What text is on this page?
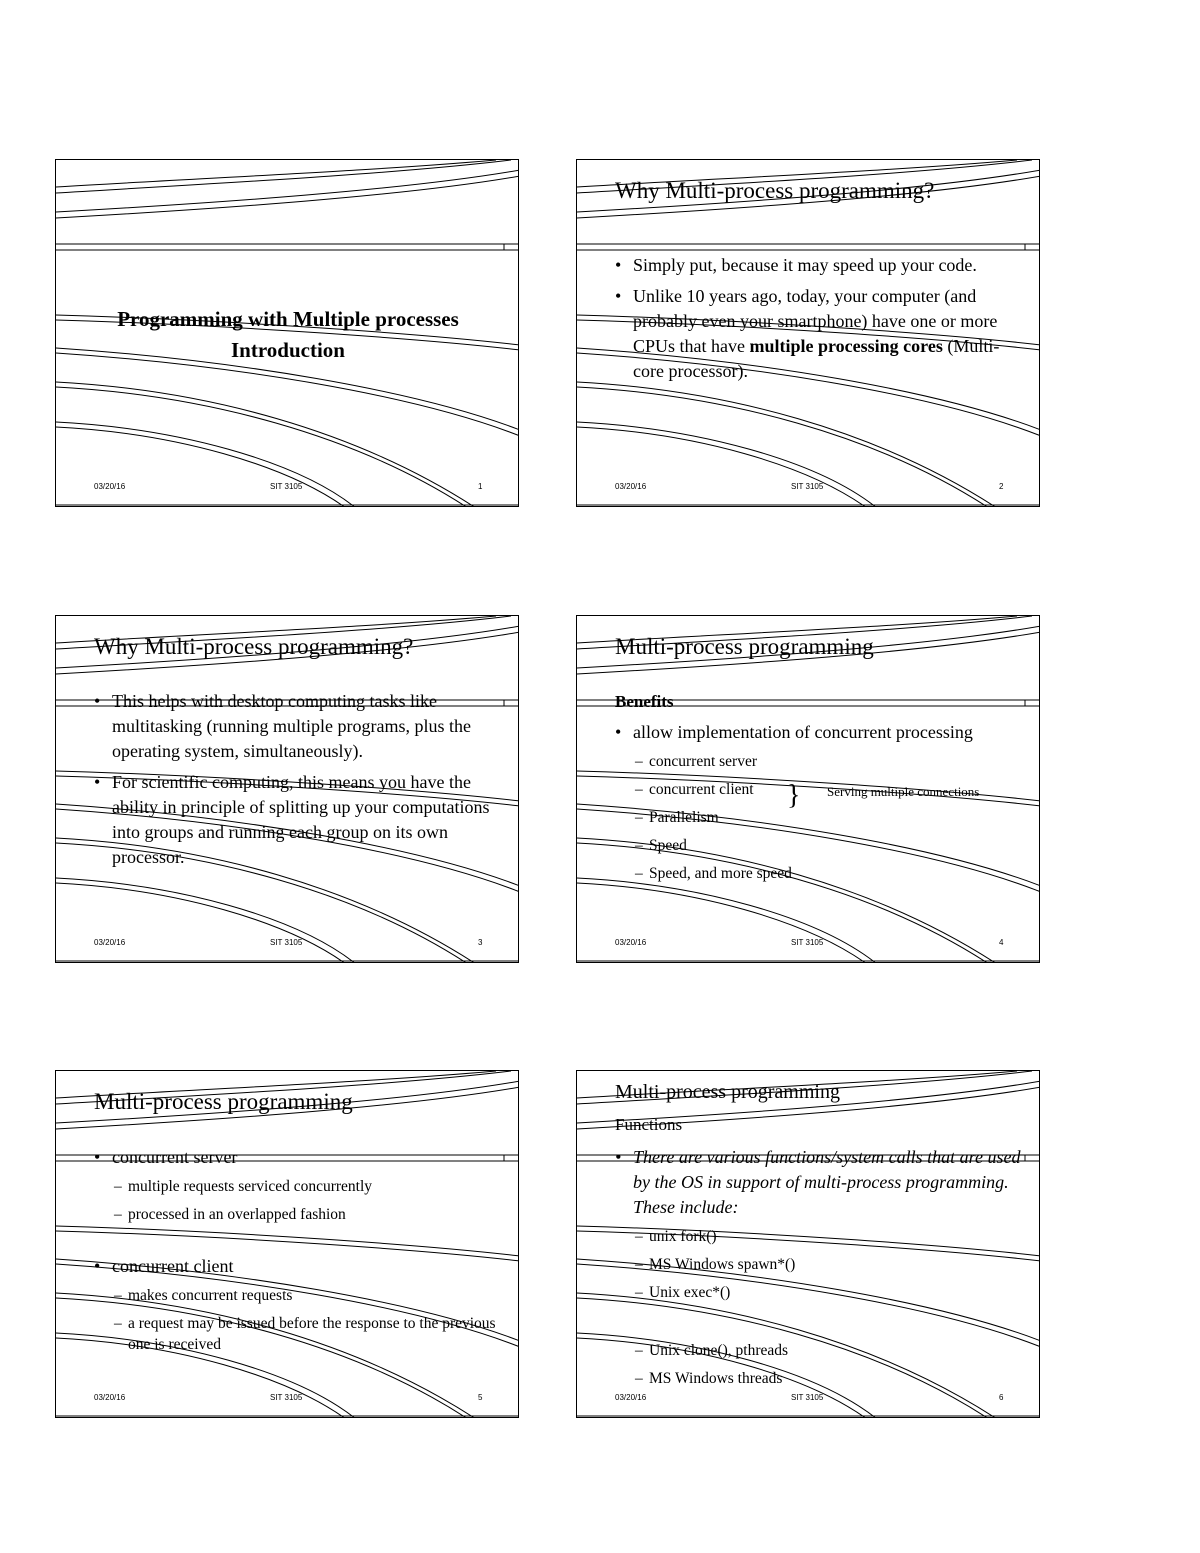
Programming with Multiple processes
Introduction
03/20/16	SIT 3105	1
Why Multi-process programming?
• Simply put, because it may speed up your code.
• Unlike 10 years ago, today, your computer (and probably even your smartphone) have one or more CPUs that have multiple processing cores (Multi-core processor).
03/20/16	SIT 3105	2
Why Multi-process programming?
• This helps with desktop computing tasks like multitasking (running multiple programs, plus the operating system, simultaneously).
• For scientific computing, this means you have the ability in principle of splitting up your computations into groups and running each group on its own processor.
03/20/16	SIT 3105	3
Multi-process programming
Benefits
• allow implementation of concurrent processing
– concurrent server
– concurrent client
– Parallelism
– Speed
– Speed, and more speed
} Serving multiple connections
03/20/16	SIT 3105	4
Multi-process programming
• concurrent server
– multiple requests serviced concurrently
– processed in an overlapped fashion
• concurrent client
– makes concurrent requests
– a request may be issued before the response to the previous one is received
03/20/16	SIT 3105	5
Multi-process programming
Functions
• There are various functions/system calls that are used by the OS in support of multi-process programming. These include:
– unix fork()
– MS Windows spawn*()
– Unix exec*()
– Unix clone(), pthreads
– MS Windows threads
03/20/16	SIT 3105	6
